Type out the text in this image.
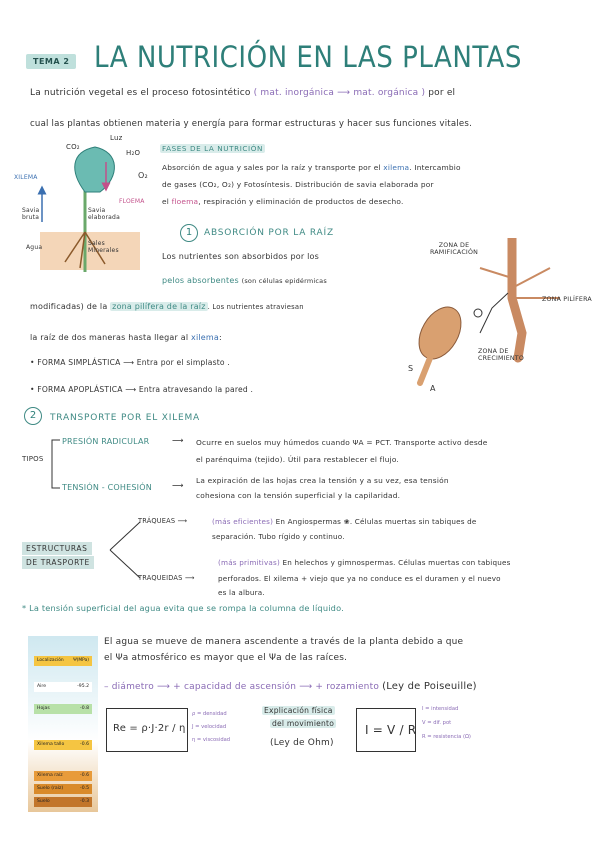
TEMA 2 LA NUTRICIÓN EN LAS PLANTAS
La nutrición vegetal es el proceso fotosintético ( mat. inorgánica ⟶ mat. orgánica ) por el
cual las plantas obtienen materia y energía para formar estructuras y hacer sus funciones vitales.
Luz
CO₂
H₂O
O₂
XILEMA
FLOEMA
Savia bruta
Savia elaborada
Agua
Sales Minerales
FASES DE LA NUTRICIÓN
Absorción de agua y sales por la raíz y transporte por el xilema. Intercambio
de gases (CO₂, O₂) y Fotosíntesis. Distribución de savia elaborada por
el floema, respiración y eliminación de productos de desecho.
1	ABSORCIÓN POR LA RAÍZ
Los nutrientes son absorbidos por los
pelos absorbentes (son células epidérmicas
modificadas) de la zona pilífera de la raíz . Los nutrientes atraviesan
la raíz de dos maneras hasta llegar al xilema:
• FORMA SIMPLÁSTICA ⟶ Entra por el simplasto .
• FORMA APOPLÁSTICA ⟶ Entra atravesando la pared .
ZONA DE RAMIFICACIÓN
ZONA PILÍFERA
ZONA DE CRECIMIENTO
S
A
2	TRANSPORTE POR EL XILEMA
TIPOS
PRESIÓN RADICULAR	⟶ Ocurre en suelos muy húmedos cuando ΨA = PCT. Transporte activo desde
el parénquima (tejido). Útil para restablecer el flujo.
TENSIÓN - COHESIÓN	⟶
La expiración de las hojas crea la tensión y a su vez, esa tensión
cohesiona con la tensión superficial y la capilaridad.
ESTRUCTURAS
DE TRASPORTE
TRÁQUEAS ⟶	(más eficientes) En Angiospermas ❀. Células muertas sin tabiques de
separación. Tubo rígido y continuo.
(más primitivas) En helechos y gimnospermas. Células muertas con tabiques
TRAQUEIDAS ⟶	perforados. El xilema + viejo que ya no conduce es el duramen y el nuevo
es la albura.
* La tensión superficial del agua evita que se rompa la columna de líquido.
Localización Ψ(MPa)
Aire	-95.2
Hojas	-0.8
Xilema tallo	-0.6
Xilema raíz	-0.6
Suelo (raíz)	-0.5
Suelo	-0.3
El agua se mueve de manera ascendente a través de la planta debido a que
el Ψa atmosférico es mayor que el Ψa de las raíces.
– diámetro ⟶ + capacidad de ascensión ⟶ + rozamiento (Ley de Poiseuille)
Re = ρ·J·2r / η
ρ = densidad
J = velocidad
η = viscosidad
Explicación física
del movimiento
(Ley de Ohm)
I = V / R
I = intensidad
V = dif. pot
R = resistencia (Ω)
